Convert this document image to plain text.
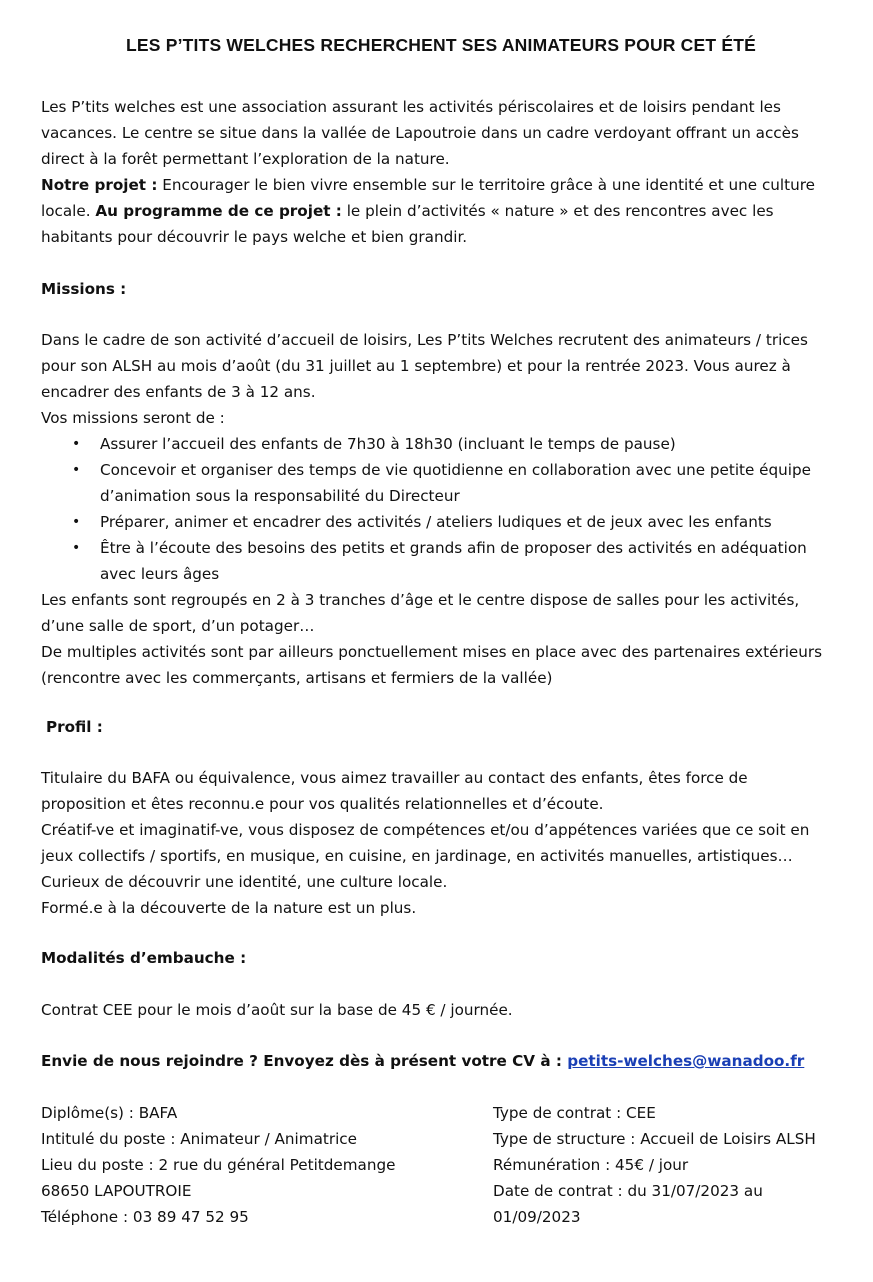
LES P’TITS WELCHES RECHERCHENT SES ANIMATEURS POUR CET ÉTÉ
Les P’tits welches est une association assurant les activités périscolaires et de loisirs pendant les
vacances. Le centre se situe dans la vallée de Lapoutroie dans un cadre verdoyant offrant un accès
direct à la forêt permettant l’exploration de la nature.
Notre projet : Encourager le bien vivre ensemble sur le territoire grâce à une identité et une culture
locale. Au programme de ce projet : le plein d’activités « nature » et des rencontres avec les
habitants pour découvrir le pays welche et bien grandir.

Missions :

Dans le cadre de son activité d’accueil de loisirs, Les P’tits Welches recrutent des animateurs / trices
pour son ALSH au mois d’août (du 31 juillet au 1 septembre) et pour la rentrée 2023. Vous aurez à
encadrer des enfants de 3 à 12 ans.
Vos missions seront de :
• Assurer l’accueil des enfants de 7h30 à 18h30 (incluant le temps de pause)
• Concevoir et organiser des temps de vie quotidienne en collaboration avec une petite équipe
d’animation sous la responsabilité du Directeur
• Préparer, animer et encadrer des activités / ateliers ludiques et de jeux avec les enfants
• Être à l’écoute des besoins des petits et grands afin de proposer des activités en adéquation
avec leurs âges
Les enfants sont regroupés en 2 à 3 tranches d’âge et le centre dispose de salles pour les activités,
d’une salle de sport, d’un potager…
De multiples activités sont par ailleurs ponctuellement mises en place avec des partenaires extérieurs
(rencontre avec les commerçants, artisans et fermiers de la vallée)

Profil :

Titulaire du BAFA ou équivalence, vous aimez travailler au contact des enfants, êtes force de
proposition et êtes reconnu.e pour vos qualités relationnelles et d’écoute.
Créatif-ve et imaginatif-ve, vous disposez de compétences et/ou d’appétences variées que ce soit en
jeux collectifs / sportifs, en musique, en cuisine, en jardinage, en activités manuelles, artistiques…
Curieux de découvrir une identité, une culture locale.
Formé.e à la découverte de la nature est un plus.

Modalités d’embauche :

Contrat CEE pour le mois d’août sur la base de 45 € / journée.

Envie de nous rejoindre ? Envoyez dès à présent votre CV à : petits-welches@wanadoo.fr

Diplôme(s) : BAFA
Intitulé du poste : Animateur / Animatrice
Lieu du poste : 2 rue du général Petitdemange
68650 LAPOUTROIE
Téléphone : 03 89 47 52 95
Type de contrat : CEE
Type de structure : Accueil de Loisirs ALSH
Rémunération : 45€ / jour
Date de contrat : du 31/07/2023 au
01/09/2023
